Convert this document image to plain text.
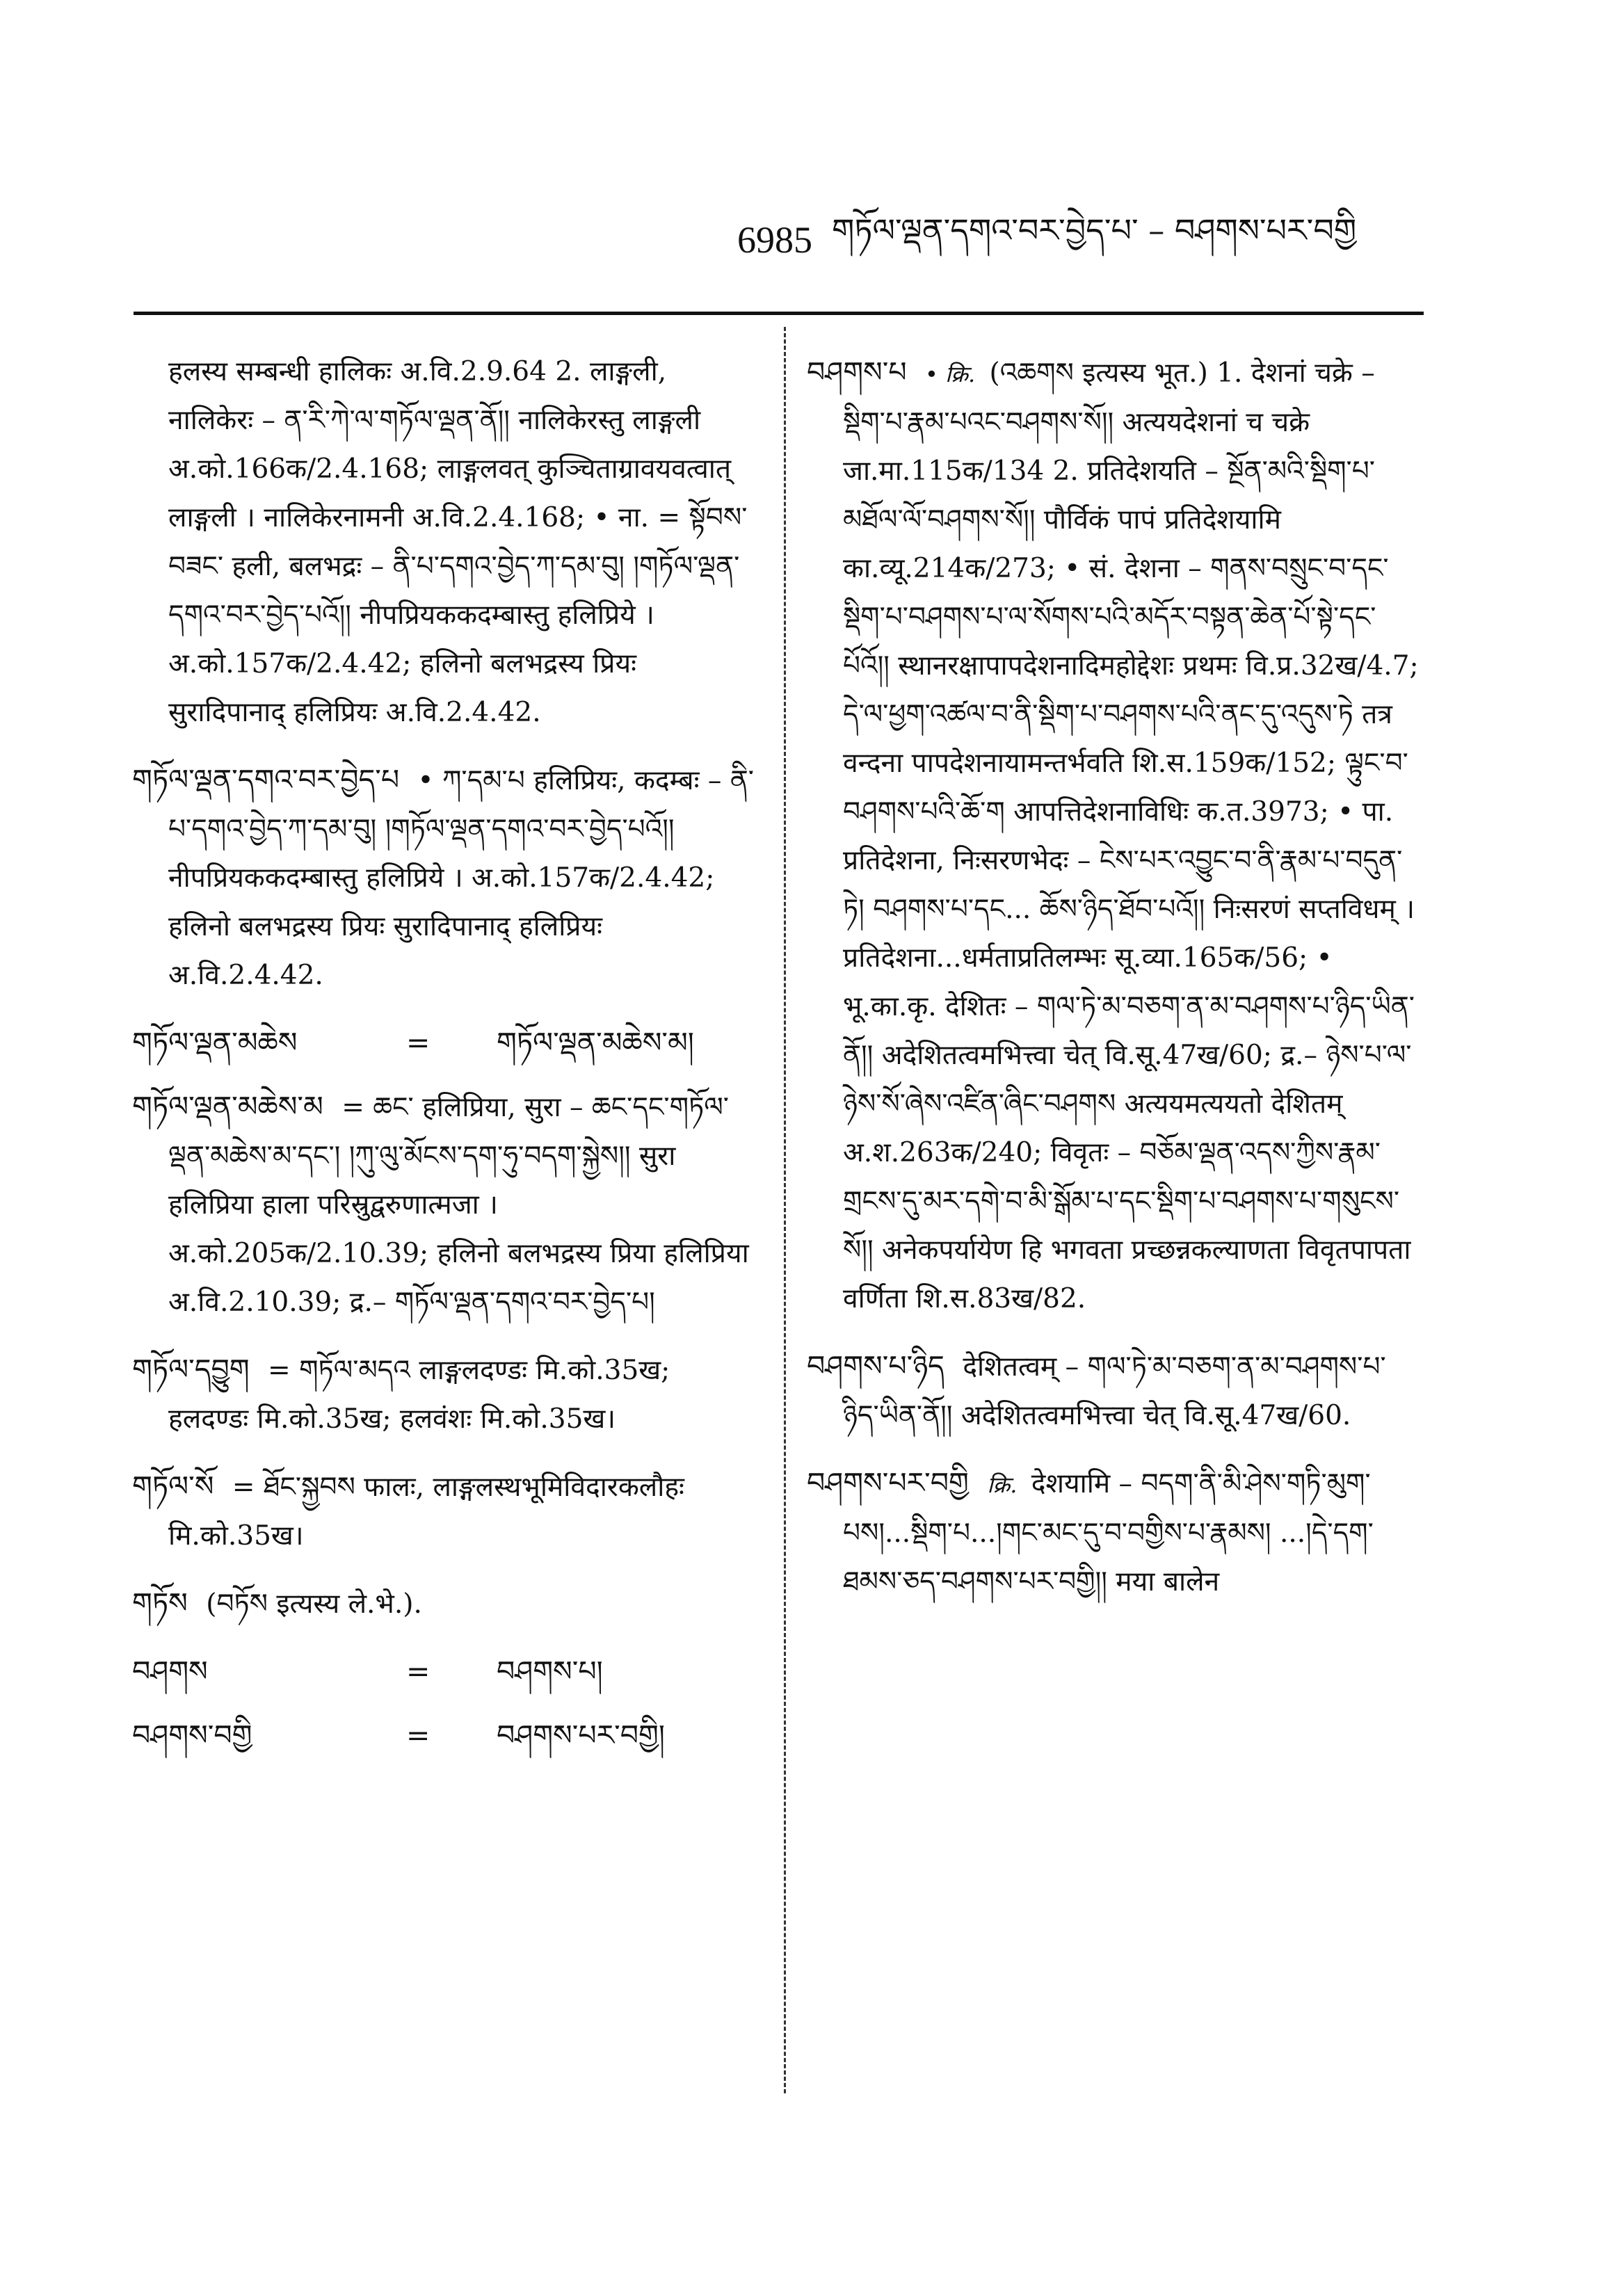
6985 གཏོལ་ལྡན་དགའ་བར་བྱེད་པ་ – བཤགས་པར་བགྱི

हलस्य सम्बन्धी हालिकः अ.वि.2.9.64 2. लाङ्गली, नालिकेरः – ན་རི་ཀེ་ལ་གཏོལ་ལྡན་ནོ།། नालिकेरस्तु लाङ्गली अ.को.166क/2.4.168; लाङ्गलवत् कुञ्चिताग्रावयवत्वात् लाङ्गली । नालिकेरनामनी अ.वि.2.4.168; • ना. = སྟོབས་བཟང་ हली, बलभद्रः – ནི་པ་དགའ་བྱེད་ཀ་དམ་བུ། །གཏོལ་ལྡན་དགའ་བར་བྱེད་པའོ།། नीपप्रियककदम्बास्तु हलिप्रिये । अ.को.157क/2.4.42; हलिनो बलभद्रस्य प्रियः सुरादिपानाद् हलिप्रियः अ.वि.2.4.42.

གཏོལ་ལྡན་དགའ་བར་བྱེད་པ • ཀ་དམ་པ हलिप्रियः, कदम्बः – ནི་པ་དགའ་བྱེད་ཀ་དམ་བུ། །གཏོལ་ལྡན་དགའ་བར་བྱེད་པའོ།། नीपप्रियककदम्बास्तु हलिप्रिये । अ.को.157क/2.4.42; हलिनो बलभद्रस्य प्रियः सुरादिपानाद् हलिप्रियः अ.वि.2.4.42.

གཏོལ་ལྡན་མཆེས	=	གཏོལ་ལྡན་མཆེས་མ།

གཏོལ་ལྡན་མཆེས་མ = ཆང་ हलिप्रिया, सुरा – ཆང་དང་གཏོལ་ལྡན་མཆེས་མ་དང་། །ཀུ་ལུ་མོངས་དག་ཧུ་བདག་སྐྱེས།། सुरा हलिप्रिया हाला परिस्रुद्वरुणात्मजा । अ.को.205क/2.10.39; हलिनो बलभद्रस्य प्रिया हलिप्रिया अ.वि.2.10.39; द्र.– གཏོལ་ལྡན་དགའ་བར་བྱེད་པ།

གཏོལ་དབྱུག = གཏོལ་མདའ लाङ्गलदण्डः मि.को.35ख; हलदण्डः मि.को.35ख; हलवंशः मि.को.35ख।

གཏོལ་སོ = ཐོང་སྐྱབས फालः, लाङ्गलस्थभूमिविदारकलौहः मि.को.35ख।

གཏོས (བཏོས इत्यस्य ले.भे.).

བཤགས	=	བཤགས་པ།
བཤགས་བགྱི	=	བཤགས་པར་བགྱི།

བཤགས་པ • क्रि. (འཆགས इत्यस्य भूत.) 1. देशनां चक्रे – སྡིག་པ་རྣམ་པའང་བཤགས་སོ།། अत्ययदेशनां च चक्रे जा.मा.115क/134 2. प्रतिदेशयति – སྔོན་མའི་སྡིག་པ་མཐོལ་ལོ་བཤགས་སོ།། पौर्विकं पापं प्रतिदेशयामि का.व्यू.214क/273; • सं. देशना – གནས་བསྲུང་བ་དང་སྡིག་པ་བཤགས་པ་ལ་སོགས་པའི་མདོར་བསྟན་ཆེན་པོ་སྟེ་དང་པོའོ།། स्थानरक्षापापदेशनादिमहोद्देशः प्रथमः वि.प्र.32ख/4.7; དེ་ལ་ཕྱག་འཚལ་བ་ནི་སྡིག་པ་བཤགས་པའི་ནང་དུ་འདུས་ཏེ तत्र वन्दना पापदेशनायामन्तर्भवति शि.स.159क/152; ལྟུང་བ་བཤགས་པའི་ཆོ་ག आपत्तिदेशनाविधिः क.त.3973; • पा. प्रतिदेशना, निःसरणभेदः – ངེས་པར་འབྱུང་བ་ནི་རྣམ་པ་བདུན་ཏེ། བཤགས་པ་དང... ཆོས་ཉིད་ཐོབ་པའོ།། निःसरणं सप्तविधम् । प्रतिदेशना...धर्मताप्रतिलम्भः सू.व्या.165क/56; • भू.का.कृ. देशितः – གལ་ཏེ་མ་བཅག་ན་མ་བཤགས་པ་ཉིད་ཡིན་ནོ།། अदेशितत्वमभित्त्वा चेत् वि.सू.47ख/60; द्र.– ཉེས་པ་ལ་ཉེས་སོ་ཞེས་འཛིན་ཞིང་བཤགས अत्ययमत्ययतो देशितम् अ.श.263क/240; विवृतः – བཅོམ་ལྡན་འདས་ཀྱིས་རྣམ་གྲངས་དུ་མར་དགེ་བ་མི་སྒོམ་པ་དང་སྡིག་པ་བཤགས་པ་གསུངས་སོ།། अनेकपर्यायेण हि भगवता प्रच्छन्नकल्याणता विवृतपापता वर्णिता शि.स.83ख/82.

བཤགས་པ་ཉིད देशितत्वम् – གལ་ཏེ་མ་བཅག་ན་མ་བཤགས་པ་ཉིད་ཡིན་ནོ།། अदेशितत्वमभित्त्वा चेत् वि.सू.47ख/60.

བཤགས་པར་བགྱི क्रि. देशयामि – བདག་ནི་མི་ཤེས་གཏི་མུག་པས།...སྡིག་པ...།གང་མང་དུ་བ་བགྱིས་པ་རྣམས། ...།དེ་དག་ཐམས་ཅད་བཤགས་པར་བགྱི།། मया बालेन
